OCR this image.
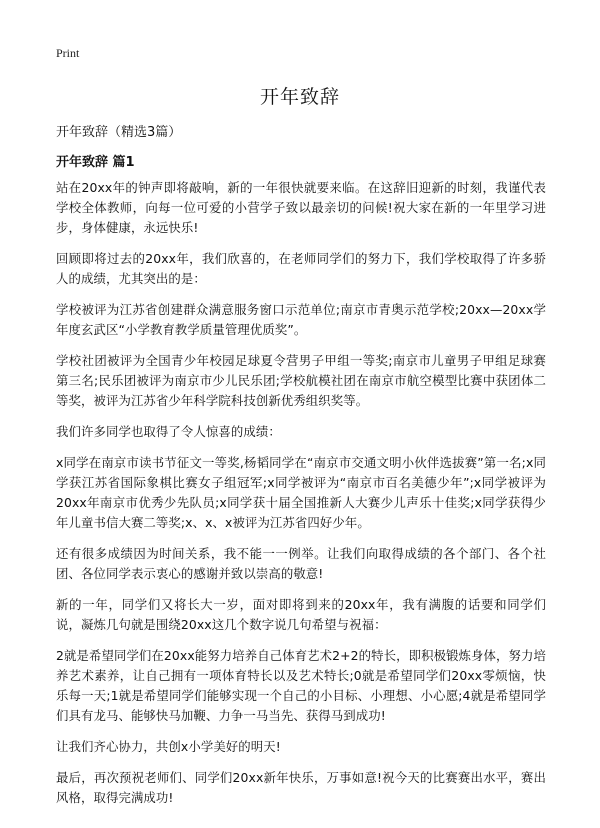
Print
开年致辞

开年致辞（精选3篇）

开年致辞 篇1

站在20xx年的钟声即将敲响，新的一年很快就要来临。在这辞旧迎新的时刻，我谨代表学校全体教师，向每一位可爱的小营学子致以最亲切的问候!祝大家在新的一年里学习进步，身体健康，永远快乐!

回顾即将过去的20xx年，我们欣喜的，在老师同学们的努力下，我们学校取得了许多骄人的成绩，尤其突出的是：

学校被评为江苏省创建群众满意服务窗口示范单位;南京市青奥示范学校;20xx—20xx学年度玄武区“小学教育教学质量管理优质奖”。

学校社团被评为全国青少年校园足球夏令营男子甲组一等奖;南京市儿童男子甲组足球赛第三名;民乐团被评为南京市少儿民乐团;学校航模社团在南京市航空模型比赛中获团体二等奖，被评为江苏省少年科学院科技创新优秀组织奖等。

我们许多同学也取得了令人惊喜的成绩：

x同学在南京市读书节征文一等奖,杨韬同学在“南京市交通文明小伙伴选拔赛”第一名;x同学获江苏省国际象棋比赛女子组冠军;x同学被评为“南京市百名美德少年”;x同学被评为20xx年南京市优秀少先队员;x同学获十届全国推新人大赛少儿声乐十佳奖;x同学获得少年儿童书信大赛二等奖;x、x、x被评为江苏省四好少年。

还有很多成绩因为时间关系，我不能一一例举。让我们向取得成绩的各个部门、各个社团、各位同学表示衷心的感谢并致以崇高的敬意!

新的一年，同学们又将长大一岁，面对即将到来的20xx年，我有满腹的话要和同学们说，凝炼几句就是围绕20xx这几个数字说几句希望与祝福：

2就是希望同学们在20xx能努力培养自己体育艺术2+2的特长，即积极锻炼身体，努力培养艺术素养，让自己拥有一项体育特长以及艺术特长;0就是希望同学们20xx零烦恼，快乐每一天;1就是希望同学们能够实现一个自己的小目标、小理想、小心愿;4就是希望同学们具有龙马、能够快马加鞭、力争一马当先、获得马到成功!

让我们齐心协力，共创x小学美好的明天!

最后，再次预祝老师们、同学们20xx新年快乐，万事如意!祝今天的比赛赛出水平，赛出风格，取得完满成功!
